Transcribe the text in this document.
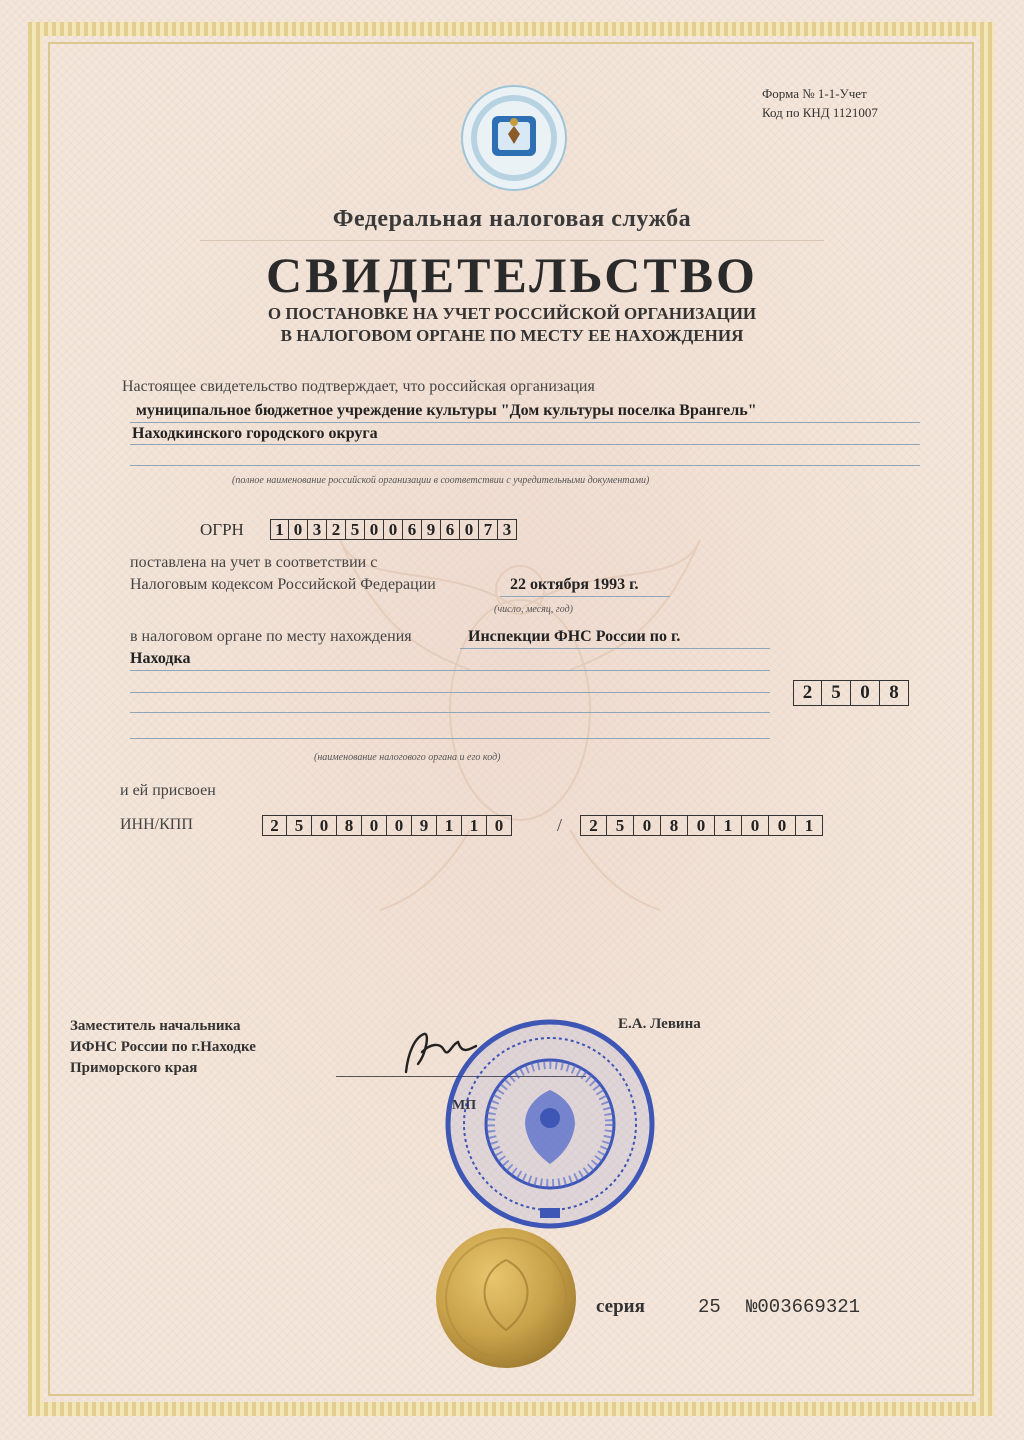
Форма № 1-1-Учет
Код по КНД 1121007
Федеральная налоговая служба
СВИДЕТЕЛЬСТВО
О ПОСТАНОВКЕ НА УЧЕТ РОССИЙСКОЙ ОРГАНИЗАЦИИ
В НАЛОГОВОМ ОРГАНЕ ПО МЕСТУ ЕЕ НАХОЖДЕНИЯ
Настоящее свидетельство подтверждает, что российская организация
муниципальное бюджетное учреждение культуры "Дом культуры поселка Врангель"
Находкинского городского округа
(полное наименование российской организации в соответствии с учредительными документами)
ОГРН	1 0 3 2 5 0 0 6 9 6 0 7 3
поставлена на учет в соответствии с
Налоговым кодексом Российской Федерации	22 октября 1993 г.
(число, месяц, год)
в налоговом органе по месту нахождения	Инспекции ФНС России по г.
Находка
2	5	0	8
(наименование налогового органа и его код)
и ей присвоен
ИНН/КПП	2 5 0 8 0 0 9 1 1 0	/	2	5	0	8	0	1	0	0	1
Заместитель начальника
ИФНС России по г.Находке
Приморского края
Е.А. Левина
серия	25 №003669321
